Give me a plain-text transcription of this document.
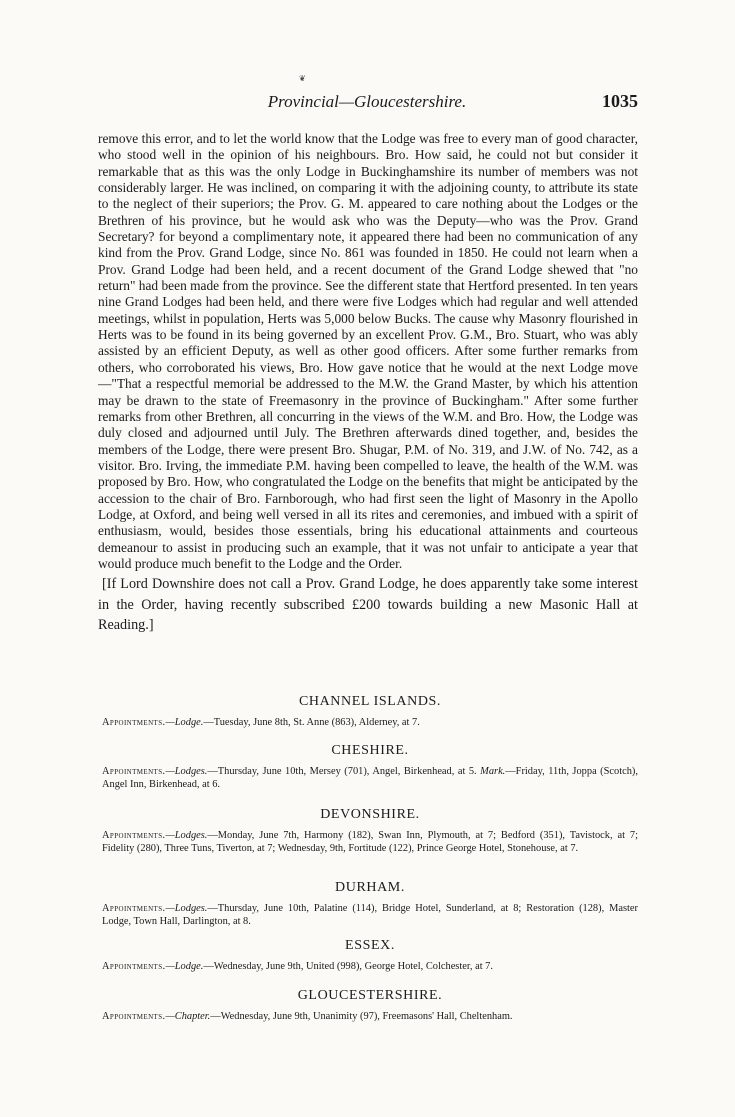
❦
Provincial—Gloucestershire.	1035

remove this error, and to let the world know that the Lodge was free to every man of good character, who stood well in the opinion of his neighbours. Bro. How said, he could not but consider it remarkable that as this was the only Lodge in Buckinghamshire its number of members was not considerably larger. He was inclined, on comparing it with the adjoining county, to attribute its state to the neglect of their superiors; the Prov. G. M. appeared to care nothing about the Lodges or the Brethren of his province, but he would ask who was the Deputy—who was the Prov. Grand Secretary? for beyond a complimentary note, it appeared there had been no communication of any kind from the Prov. Grand Lodge, since No. 861 was founded in 1850. He could not learn when a Prov. Grand Lodge had been held, and a recent document of the Grand Lodge shewed that "no return" had been made from the province. See the different state that Hertford presented. In ten years nine Grand Lodges had been held, and there were five Lodges which had regular and well attended meetings, whilst in population, Herts was 5,000 below Bucks. The cause why Masonry flourished in Herts was to be found in its being governed by an excellent Prov. G.M., Bro. Stuart, who was ably assisted by an efficient Deputy, as well as other good officers. After some further remarks from others, who corroborated his views, Bro. How gave notice that he would at the next Lodge move—"That a respectful memorial be addressed to the M.W. the Grand Master, by which his attention may be drawn to the state of Freemasonry in the province of Buckingham." After some further remarks from other Brethren, all concurring in the views of the W.M. and Bro. How, the Lodge was duly closed and adjourned until July. The Brethren afterwards dined together, and, besides the members of the Lodge, there were present Bro. Shugar, P.M. of No. 319, and J.W. of No. 742, as a visitor. Bro. Irving, the immediate P.M. having been compelled to leave, the health of the W.M. was proposed by Bro. How, who congratulated the Lodge on the benefits that might be anticipated by the accession to the chair of Bro. Farnborough, who had first seen the light of Masonry in the Apollo Lodge, at Oxford, and being well versed in all its rites and ceremonies, and imbued with a spirit of enthusiasm, would, besides those essentials, bring his educational attainments and courteous demeanour to assist in producing such an example, that it was not unfair to anticipate a year that would produce much benefit to the Lodge and the Order.

[If Lord Downshire does not call a Prov. Grand Lodge, he does apparently take some interest in the Order, having recently subscribed £200 towards building a new Masonic Hall at Reading.]

CHANNEL ISLANDS.

Appointments.—Lodge.—Tuesday, June 8th, St. Anne (863), Alderney, at 7.

CHESHIRE.

Appointments.—Lodges.—Thursday, June 10th, Mersey (701), Angel, Birkenhead, at 5. Mark.—Friday, 11th, Joppa (Scotch), Angel Inn, Birkenhead, at 6.

DEVONSHIRE.

Appointments.—Lodges.—Monday, June 7th, Harmony (182), Swan Inn, Plymouth, at 7; Bedford (351), Tavistock, at 7; Fidelity (280), Three Tuns, Tiverton, at 7; Wednesday, 9th, Fortitude (122), Prince George Hotel, Stonehouse, at 7.

DURHAM.

Appointments.—Lodges.—Thursday, June 10th, Palatine (114), Bridge Hotel, Sunderland, at 8; Restoration (128), Master Lodge, Town Hall, Darlington, at 8.

ESSEX.

Appointments.—Lodge.—Wednesday, June 9th, United (998), George Hotel, Colchester, at 7.

GLOUCESTERSHIRE.

Appointments.—Chapter.—Wednesday, June 9th, Unanimity (97), Freemasons' Hall, Cheltenham.
